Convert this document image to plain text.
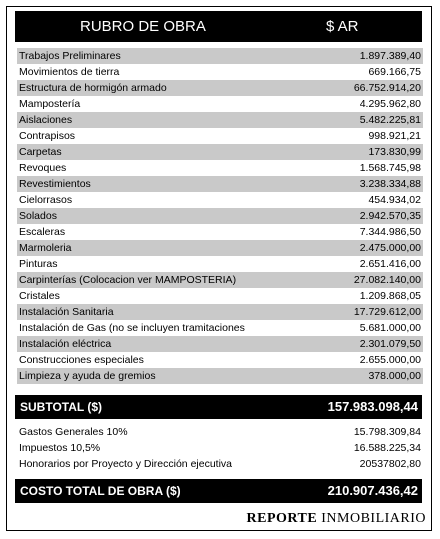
RUBRO DE OBRA	$ AR
Trabajos Preliminares	1.897.389,40
Movimientos de tierra	669.166,75
Estructura de hormigón armado	66.752.914,20
Mampostería	4.295.962,80
Aislaciones	5.482.225,81
Contrapisos	998.921,21
Carpetas	173.830,99
Revoques	1.568.745,98
Revestimientos	3.238.334,88
Cielorrasos	454.934,02
Solados	2.942.570,35
Escaleras	7.344.986,50
Marmoleria	2.475.000,00
Pinturas	2.651.416,00
Carpinterías (Colocacion ver MAMPOSTERIA)	27.082.140,00
Cristales	1.209.868,05
Instalación Sanitaria	17.729.612,00
Instalación de Gas (no se incluyen tramitaciones	5.681.000,00
Instalación eléctrica	2.301.079,50
Construcciones especiales	2.655.000,00
Limpieza y ayuda de gremios	378.000,00
SUBTOTAL ($)	157.983.098,44
Gastos Generales 10%	15.798.309,84
Impuestos 10,5%	16.588.225,34
Honorarios por Proyecto y Dirección ejecutiva	20537802,80
COSTO TOTAL DE OBRA ($)	210.907.436,42
REPORTE INMOBILIARIO
